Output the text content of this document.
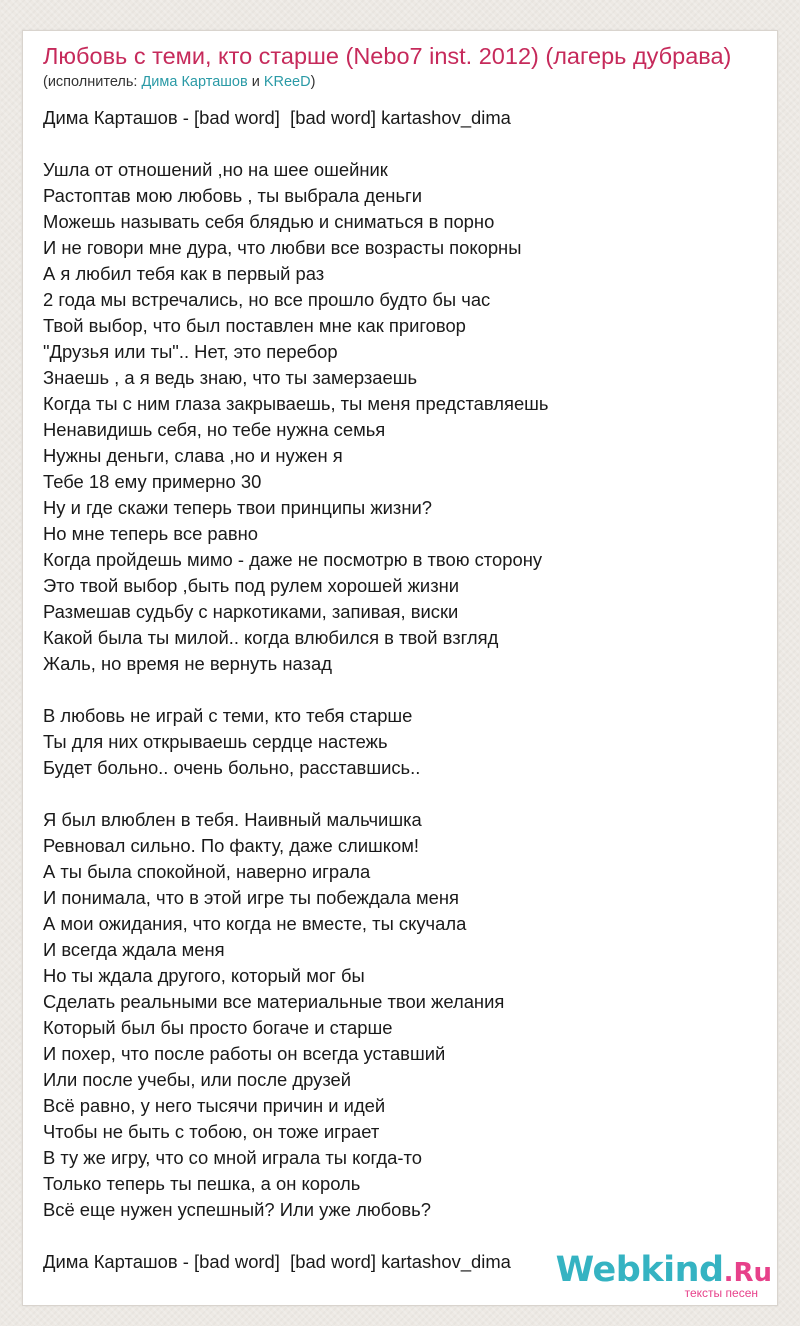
Любовь с теми, кто старше (Nebo7 inst. 2012) (лагерь дубрава)
(исполнитель: Дима Карташов и KReeD)
Дима Карташов - [bad word]  [bad word] kartashov_dima
Ушла от отношений ,но на шее ошейник
Растоптав мою любовь , ты выбрала деньги
Можешь называть себя блядью и сниматься в порно
И не говори мне дура, что любви все возрасты покорны
А я любил тебя как в первый раз
2 года мы встречались, но все прошло будто бы час
Твой выбор, что был поставлен мне как приговор
"Друзья или ты".. Нет, это перебор
Знаешь , а я ведь знаю, что ты замерзаешь
Когда ты с ним глаза закрываешь, ты меня представляешь
Ненавидишь себя, но тебе нужна семья
Нужны деньги, слава ,но и нужен я
Тебе 18 ему примерно 30
Ну и где скажи теперь твои принципы жизни?
Но мне теперь все равно
Когда пройдешь мимо - даже не посмотрю в твою сторону
Это твой выбор ,быть под рулем хорошей жизни
Размешав судьбу с наркотиками, запивая, виски
Какой была ты милой.. когда влюбился в твой взгляд
Жаль, но время не вернуть назад
В любовь не играй с теми, кто тебя старше
Ты для них открываешь сердце настежь
Будет больно.. очень больно, расставшись..
Я был влюблен в тебя. Наивный мальчишка
Ревновал сильно. По факту, даже слишком!
А ты была спокойной, наверно играла
И понимала, что в этой игре ты побеждала меня
А мои ожидания, что когда не вместе, ты скучала
И всегда ждала меня
Но ты ждала другого, который мог бы
Сделать реальными все материальные твои желания
Который был бы просто богаче и старше
И похер, что после работы он всегда уставший
Или после учебы, или после друзей
Всё равно, у него тысячи причин и идей
Чтобы не быть с тобою, он тоже играет
В ту же игру, что со мной играла ты когда-то
Только теперь ты пешка, а он король
Всё еще нужен успешный? Или уже любовь?
Дима Карташов - [bad word]  [bad word] kartashov_dima	Webkind.Ru
тексты песен
